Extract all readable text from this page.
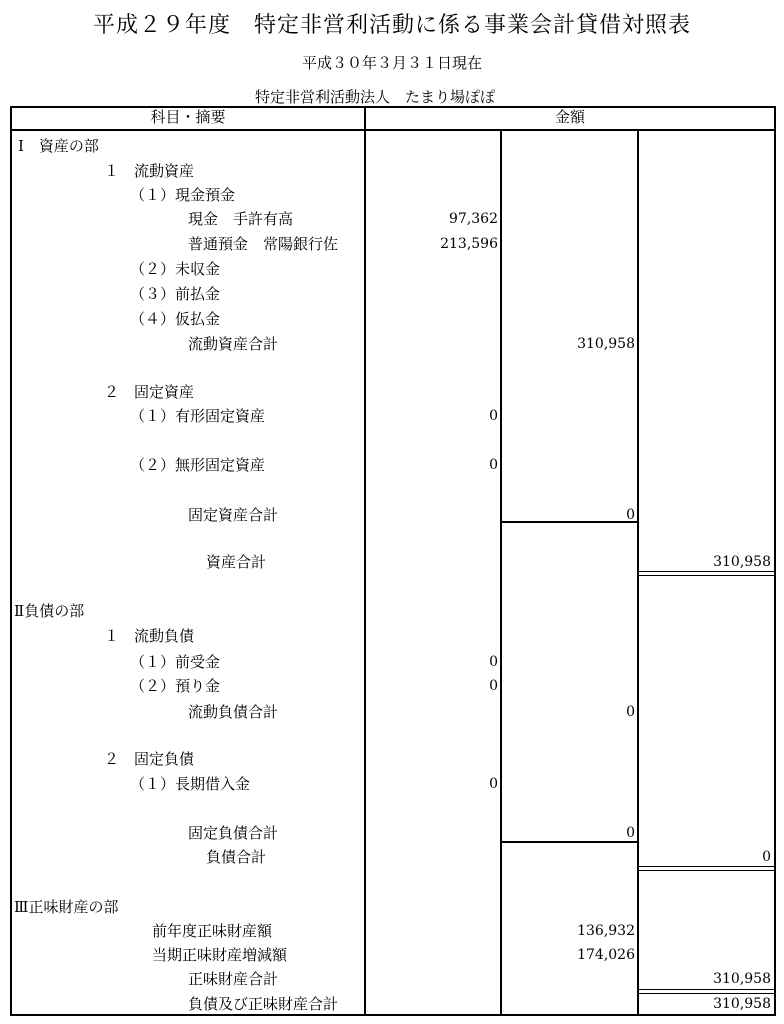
平成２９年度　特定非営利活動に係る事業会計貸借対照表
平成３０年３月３１日現在
特定非営利活動法人　たまり場ぽぽ
科目・摘要	金額
Ⅰ　資産の部
１　流動資産
（１）現金預金
現金　手許有高	97,362
普通預金　常陽銀行佐	213,596
（２）未収金
（３）前払金
（４）仮払金
流動資産合計	310,958
２　固定資産
（１）有形固定資産	0
（２）無形固定資産	0
固定資産合計	0
資産合計	310,958
Ⅱ負債の部
１　流動負債
（１）前受金	0
（２）預り金	0
流動負債合計	0
２　固定負債
（１）長期借入金	0
固定負債合計	0
負債合計	0
Ⅲ正味財産の部
前年度正味財産額	136,932
当期正味財産増減額	174,026
正味財産合計	310,958
負債及び正味財産合計	310,958
